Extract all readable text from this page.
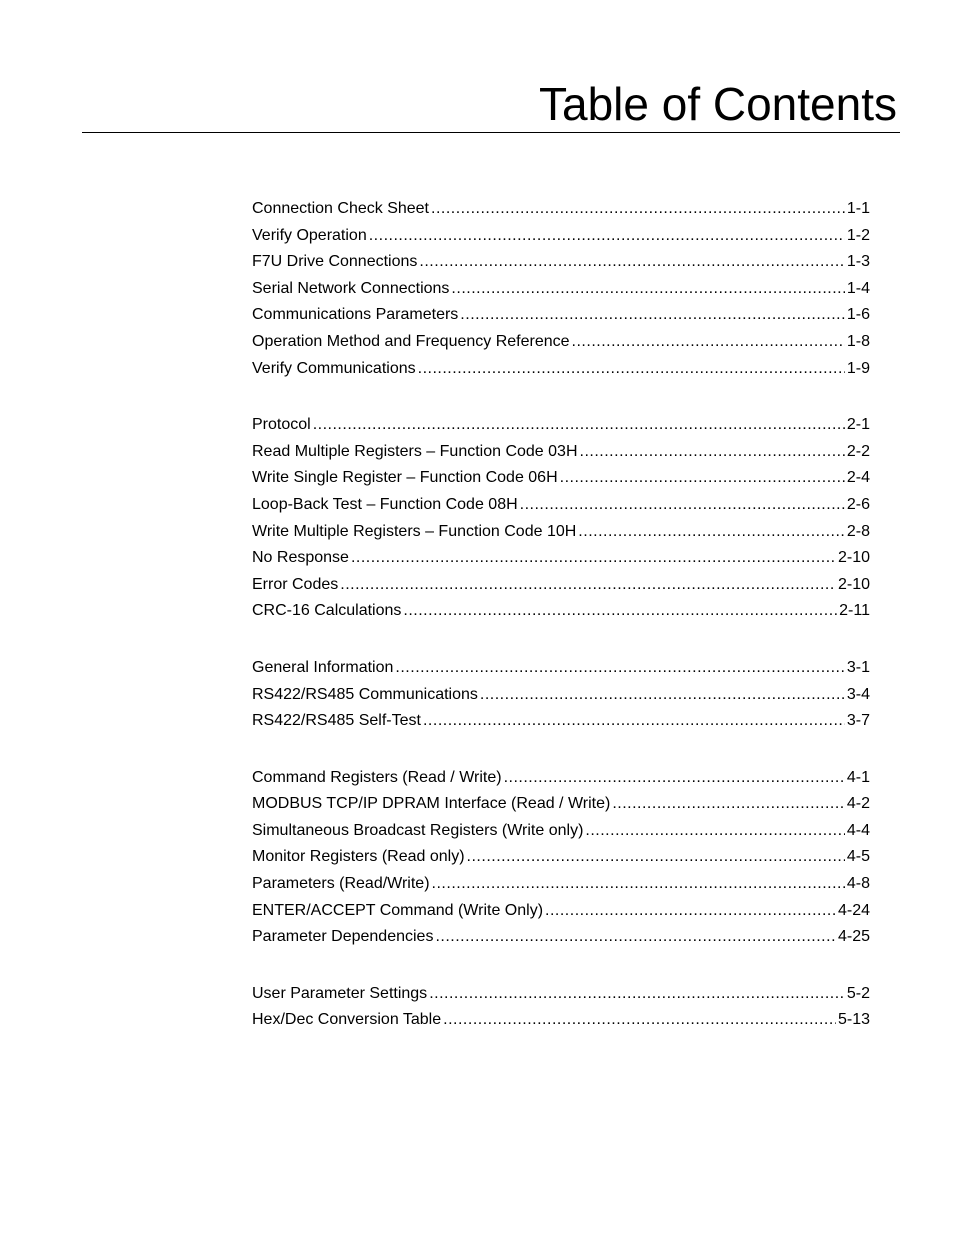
Table of Contents
Connection Check Sheet .....	1-1
Verify Operation .....	1-2
F7U Drive Connections .....	1-3
Serial Network Connections .....	1-4
Communications Parameters .....	1-6
Operation Method and Frequency Reference .....	1-8
Verify Communications .....	1-9
Protocol .....	2-1
Read Multiple Registers – Function Code 03H .....	2-2
Write Single Register – Function Code 06H .....	2-4
Loop-Back Test – Function Code 08H .....	2-6
Write Multiple Registers – Function Code 10H .....	2-8
No Response .....	2-10
Error Codes .....	2-10
CRC-16 Calculations .....	2-11
General Information .....	3-1
RS422/RS485 Communications .....	3-4
RS422/RS485 Self-Test .....	3-7
Command Registers (Read / Write) .....	4-1
MODBUS TCP/IP DPRAM Interface (Read / Write) .....	4-2
Simultaneous Broadcast Registers (Write only) .....	4-4
Monitor Registers (Read only) .....	4-5
Parameters (Read/Write) .....	4-8
ENTER/ACCEPT Command (Write Only) .....	4-24
Parameter Dependencies .....	4-25
User Parameter Settings .....	5-2
Hex/Dec Conversion Table .....	5-13
